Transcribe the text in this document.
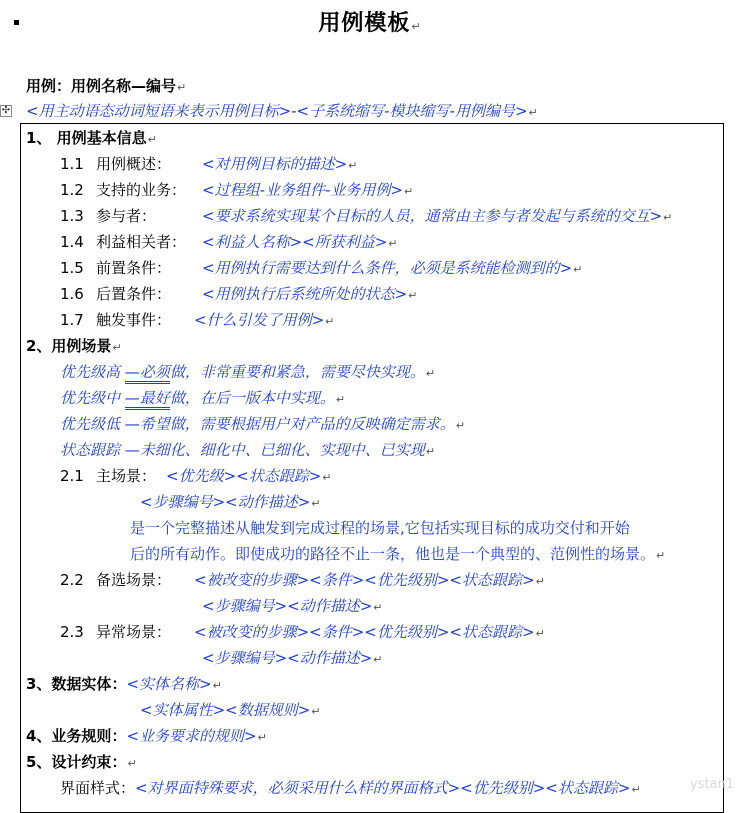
用例模板↵
用例：用例名称—编号↵
✣ <用主动语态动词短语来表示用例目标>-<子系统缩写-模块缩写-用例编号>↵
1、 用例基本信息↵
1.1 用例概述： <对用例目标的描述>↵
1.2 支持的业务： <过程组-业务组件-业务用例>↵
1.3 参与者：	<要求系统实现某个目标的人员，通常由主参与者发起与系统的交互>↵
1.4 利益相关者： <利益人名称><所获利益>↵
1.5 前置条件： <用例执行需要达到什么条件，必须是系统能检测到的>↵
1.6 后置条件： <用例执行后系统所处的状态>↵
1.7 触发事件： <什么引发了用例>↵
2、用例场景↵
优先级高 —必须做，非常重要和紧急，需要尽快实现。↵
优先级中 —最好做，在后一版本中实现。↵
优先级低 —希望做，需要根据用户对产品的反映确定需求。↵
状态跟踪 —未细化、细化中、已细化、实现中、已实现↵
2.1 主场景： <优先级><状态跟踪>↵
<步骤编号><动作描述>↵
是一个完整描述从触发到完成过程的场景,它包括实现目标的成功交付和开始
后的所有动作。即使成功的路径不止一条，他也是一个典型的、范例性的场景。↵
2.2 备选场景： <被改变的步骤><条件><优先级别><状态跟踪>↵
<步骤编号><动作描述>↵
2.3 异常场景： <被改变的步骤><条件><优先级别><状态跟踪>↵
<步骤编号><动作描述>↵
3、数据实体：<实体名称>↵
<实体属性><数据规则>↵
4、业务规则：<业务要求的规则>↵
5、设计约束：↵
界面样式：<对界面特殊要求，必须采用什么样的界面格式><优先级别><状态跟踪>↵	ystan1
